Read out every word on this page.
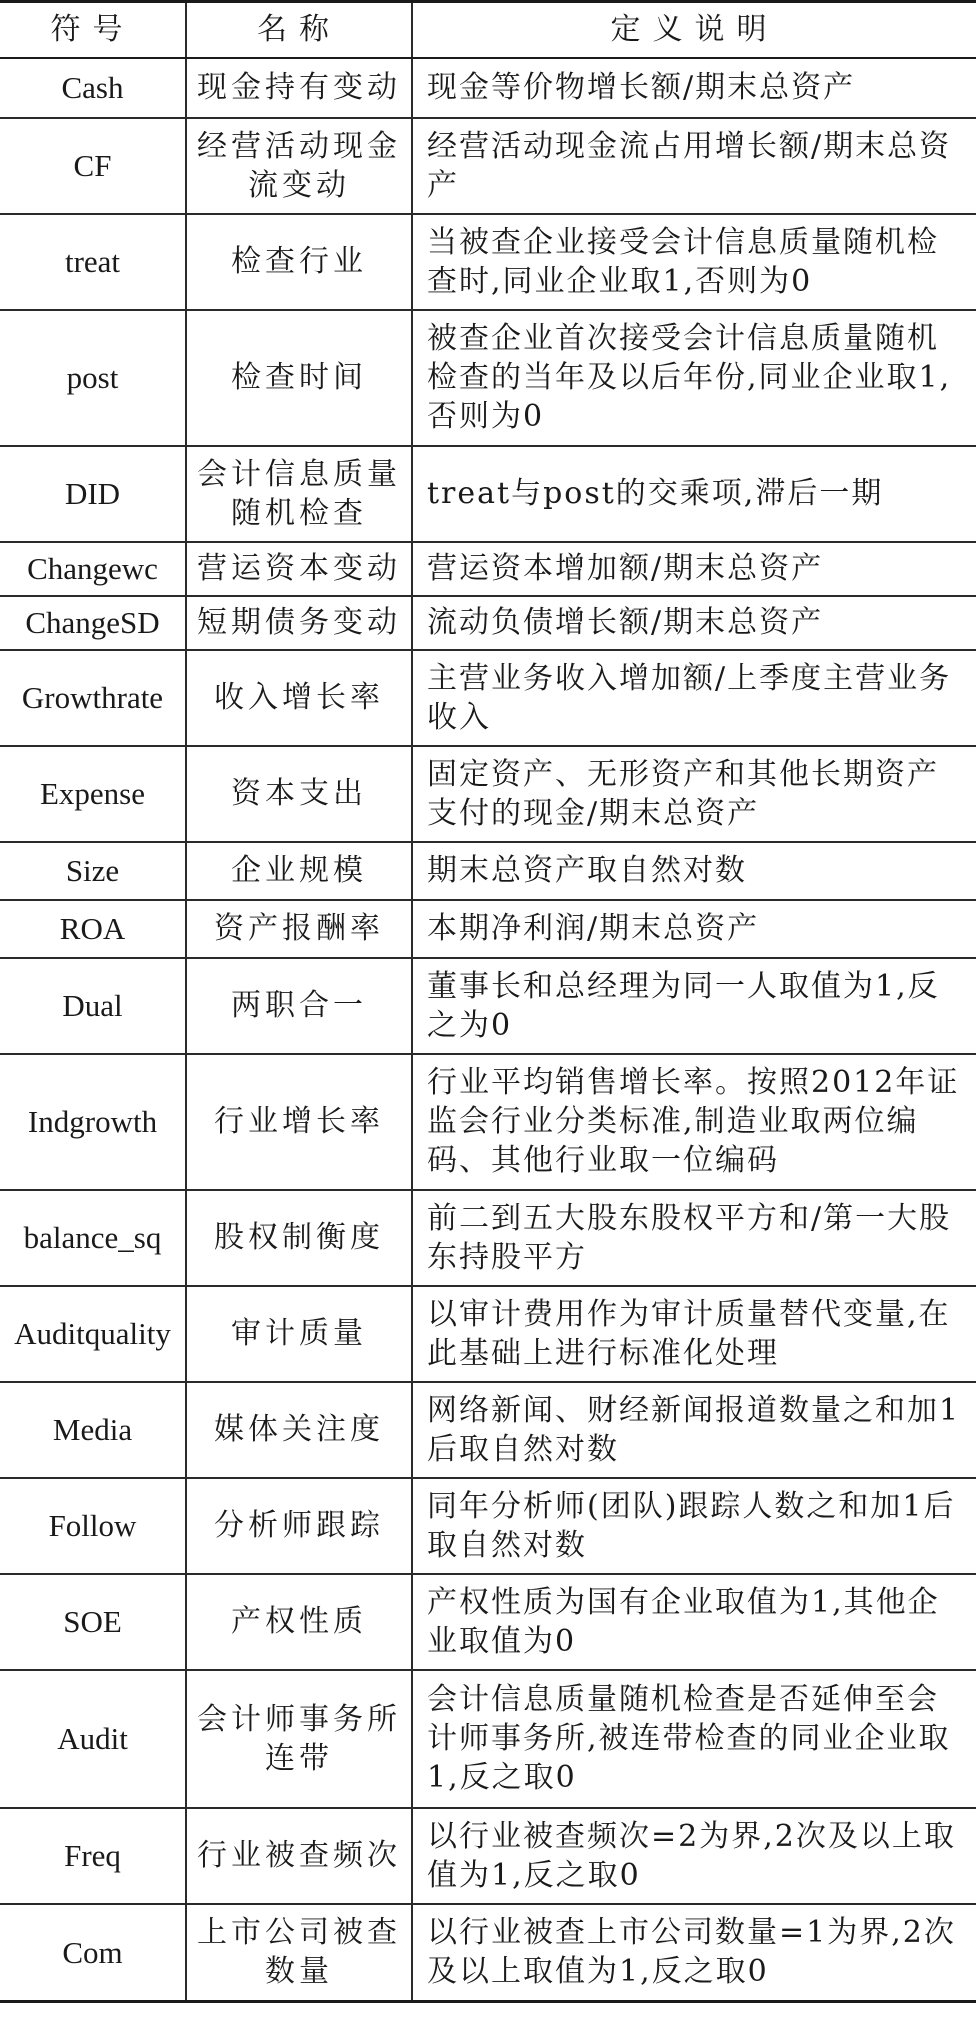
符号	名称	定义说明
Cash	现金持有变动	现金等价物增长额/期末总资产
CF	经营活动现金流变动	经营活动现金流占用增长额/期末总资产
treat	检查行业	当被查企业接受会计信息质量随机检查时,同业企业取1,否则为0
post	检查时间	被查企业首次接受会计信息质量随机检查的当年及以后年份,同业企业取1,否则为0
DID	会计信息质量随机检查	treat与post的交乘项,滞后一期
Changewc	营运资本变动	营运资本增加额/期末总资产
ChangeSD	短期债务变动	流动负债增长额/期末总资产
Growthrate	收入增长率	主营业务收入增加额/上季度主营业务收入
Expense	资本支出	固定资产、无形资产和其他长期资产支付的现金/期末总资产
Size	企业规模	期末总资产取自然对数
ROA	资产报酬率	本期净利润/期末总资产
Dual	两职合一	董事长和总经理为同一人取值为1,反之为0
Indgrowth	行业增长率	行业平均销售增长率。按照2012年证监会行业分类标准,制造业取两位编码、其他行业取一位编码
balance_sq	股权制衡度	前二到五大股东股权平方和/第一大股东持股平方
Auditquality	审计质量	以审计费用作为审计质量替代变量,在此基础上进行标准化处理
Media	媒体关注度	网络新闻、财经新闻报道数量之和加1后取自然对数
Follow	分析师跟踪	同年分析师(团队)跟踪人数之和加1后取自然对数
SOE	产权性质	产权性质为国有企业取值为1,其他企业取值为0
Audit	会计师事务所连带	会计信息质量随机检查是否延伸至会计师事务所,被连带检查的同业企业取1,反之取0
Freq	行业被查频次	以行业被查频次=2为界,2次及以上取值为1,反之取0
Com	上市公司被查数量	以行业被查上市公司数量=1为界,2次及以上取值为1,反之取0
